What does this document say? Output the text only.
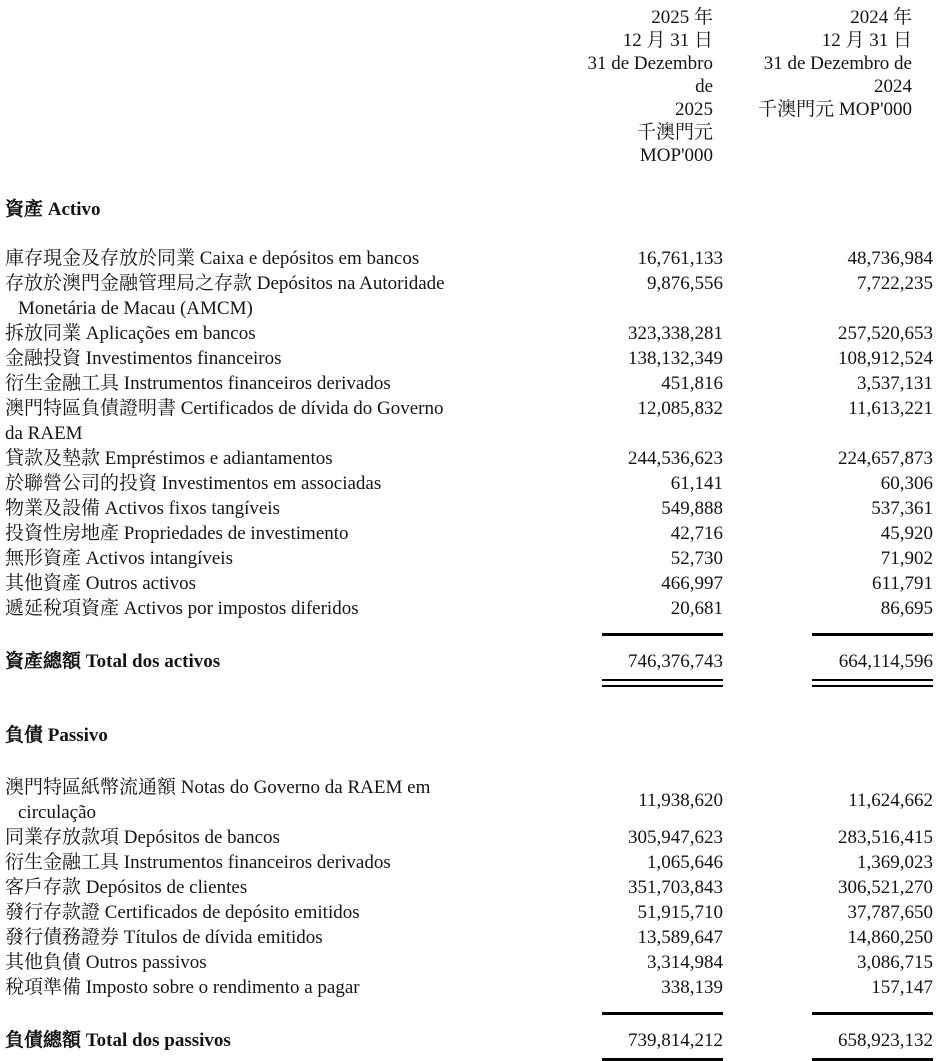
2025 年
12 月 31 日
31 de Dezembro de
2025
千澳門元 MOP'000
2024 年
12 月 31 日
31 de Dezembro de
2024
千澳門元 MOP'000
資產 Activo
庫存現金及存放於同業 Caixa e depósitos em bancos	16,761,133	48,736,984
存放於澳門金融管理局之存款 Depósitos na Autoridade
Monetária de Macau (AMCM)
9,876,556	7,722,235
拆放同業 Aplicações em bancos	323,338,281	257,520,653
金融投資 Investimentos financeiros	138,132,349	108,912,524
衍生金融工具 Instrumentos financeiros derivados	451,816	3,537,131
澳門特區負債證明書 Certificados de dívida do Governo
da RAEM
12,085,832	11,613,221
貸款及墊款 Empréstimos e adiantamentos	244,536,623	224,657,873
於聯營公司的投資 Investimentos em associadas	61,141	60,306
物業及設備 Activos fixos tangíveis	549,888	537,361
投資性房地產 Propriedades de investimento	42,716	45,920
無形資產 Activos intangíveis	52,730	71,902
其他資產 Outros activos	466,997	611,791
遞延稅項資產 Activos por impostos diferidos	20,681	86,695
資產總額 Total dos activos	746,376,743	664,114,596
負債 Passivo
澳門特區紙幣流通額 Notas do Governo da RAEM em
circulação
11,938,620	11,624,662
同業存放款項 Depósitos de bancos	305,947,623	283,516,415
衍生金融工具 Instrumentos financeiros derivados	1,065,646	1,369,023
客戶存款 Depósitos de clientes	351,703,843	306,521,270
發行存款證 Certificados de depósito emitidos	51,915,710	37,787,650
發行債務證券 Títulos de dívida emitidos	13,589,647	14,860,250
其他負債 Outros passivos	3,314,984	3,086,715
稅項準備 Imposto sobre o rendimento a pagar	338,139	157,147
負債總額 Total dos passivos	739,814,212	658,923,132
